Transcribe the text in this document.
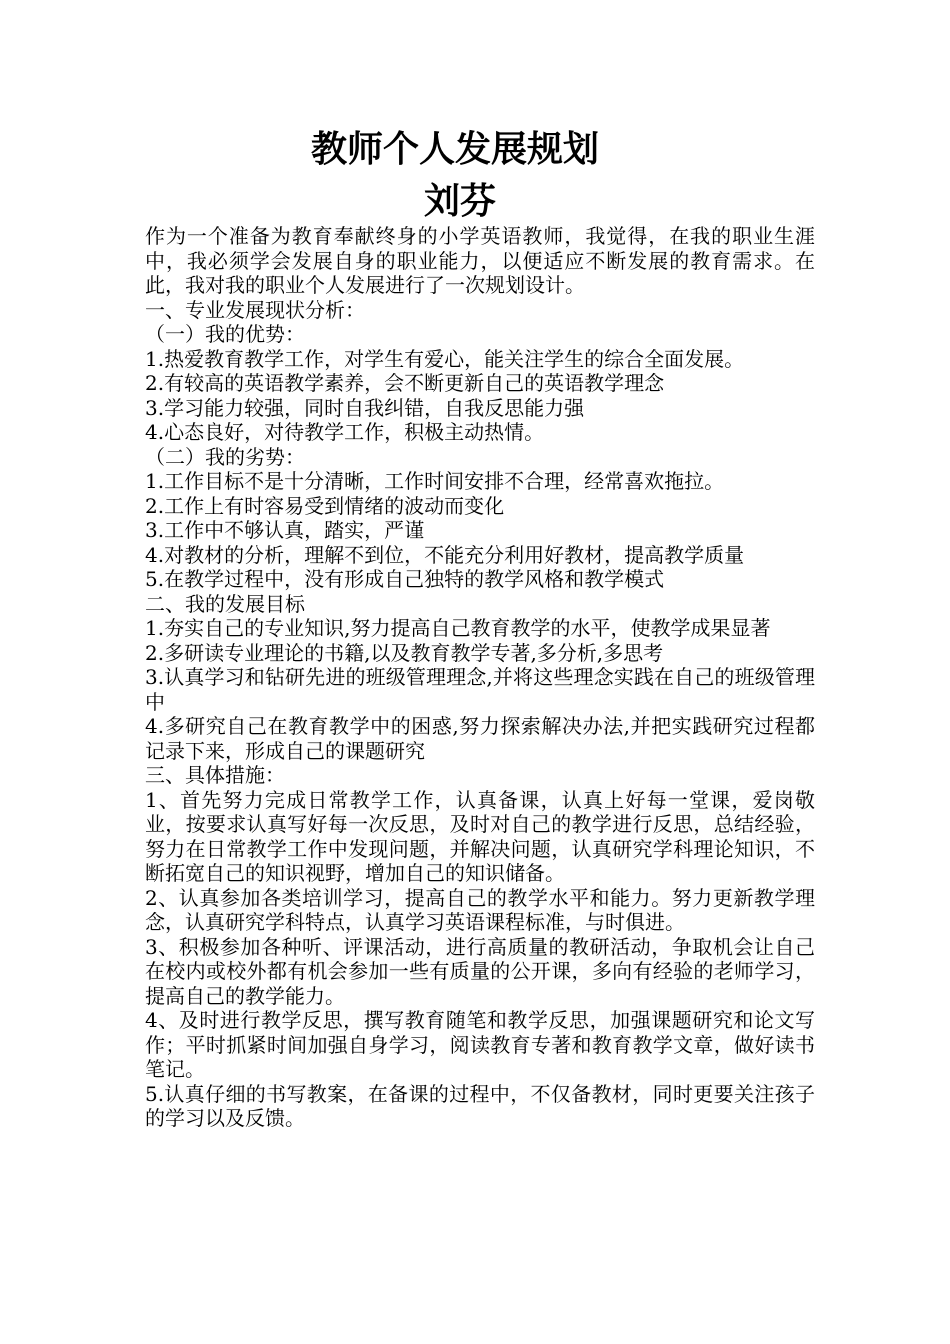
教师个人发展规划
刘芬

作为一个准备为教育奉献终身的小学英语教师，我觉得，在我的职业生涯中，我必须学会发展自身的职业能力，以便适应不断发展的教育需求。在此，我对我的职业个人发展进行了一次规划设计。

一、专业发展现状分析：

（一）我的优势：

1.热爱教育教学工作，对学生有爱心，能关注学生的综合全面发展。

2.有较高的英语教学素养，会不断更新自己的英语教学理念

3.学习能力较强，同时自我纠错，自我反思能力强

4.心态良好，对待教学工作，积极主动热情。

（二）我的劣势：

1.工作目标不是十分清晰，工作时间安排不合理，经常喜欢拖拉。

2.工作上有时容易受到情绪的波动而变化

3.工作中不够认真，踏实，严谨

4.对教材的分析，理解不到位，不能充分利用好教材，提高教学质量

5.在教学过程中，没有形成自己独特的教学风格和教学模式

二、我的发展目标

1.夯实自己的专业知识,努力提高自己教育教学的水平，使教学成果显著

2.多研读专业理论的书籍,以及教育教学专著,多分析,多思考

3.认真学习和钻研先进的班级管理理念,并将这些理念实践在自己的班级管理中

4.多研究自己在教育教学中的困惑,努力探索解决办法,并把实践研究过程都记录下来，形成自己的课题研究

三、具体措施：

1、首先努力完成日常教学工作，认真备课，认真上好每一堂课，爱岗敬业，按要求认真写好每一次反思，及时对自己的教学进行反思，总结经验，努力在日常教学工作中发现问题，并解决问题，认真研究学科理论知识，不断拓宽自己的知识视野，增加自己的知识储备。

2、认真参加各类培训学习，提高自己的教学水平和能力。努力更新教学理念，认真研究学科特点，认真学习英语课程标准，与时俱进。

3、积极参加各种听、评课活动，进行高质量的教研活动，争取机会让自己在校内或校外都有机会参加一些有质量的公开课，多向有经验的老师学习，提高自己的教学能力。

4、及时进行教学反思，撰写教育随笔和教学反思，加强课题研究和论文写作；平时抓紧时间加强自身学习，阅读教育专著和教育教学文章，做好读书笔记。

5.认真仔细的书写教案，在备课的过程中，不仅备教材，同时更要关注孩子的学习以及反馈。
